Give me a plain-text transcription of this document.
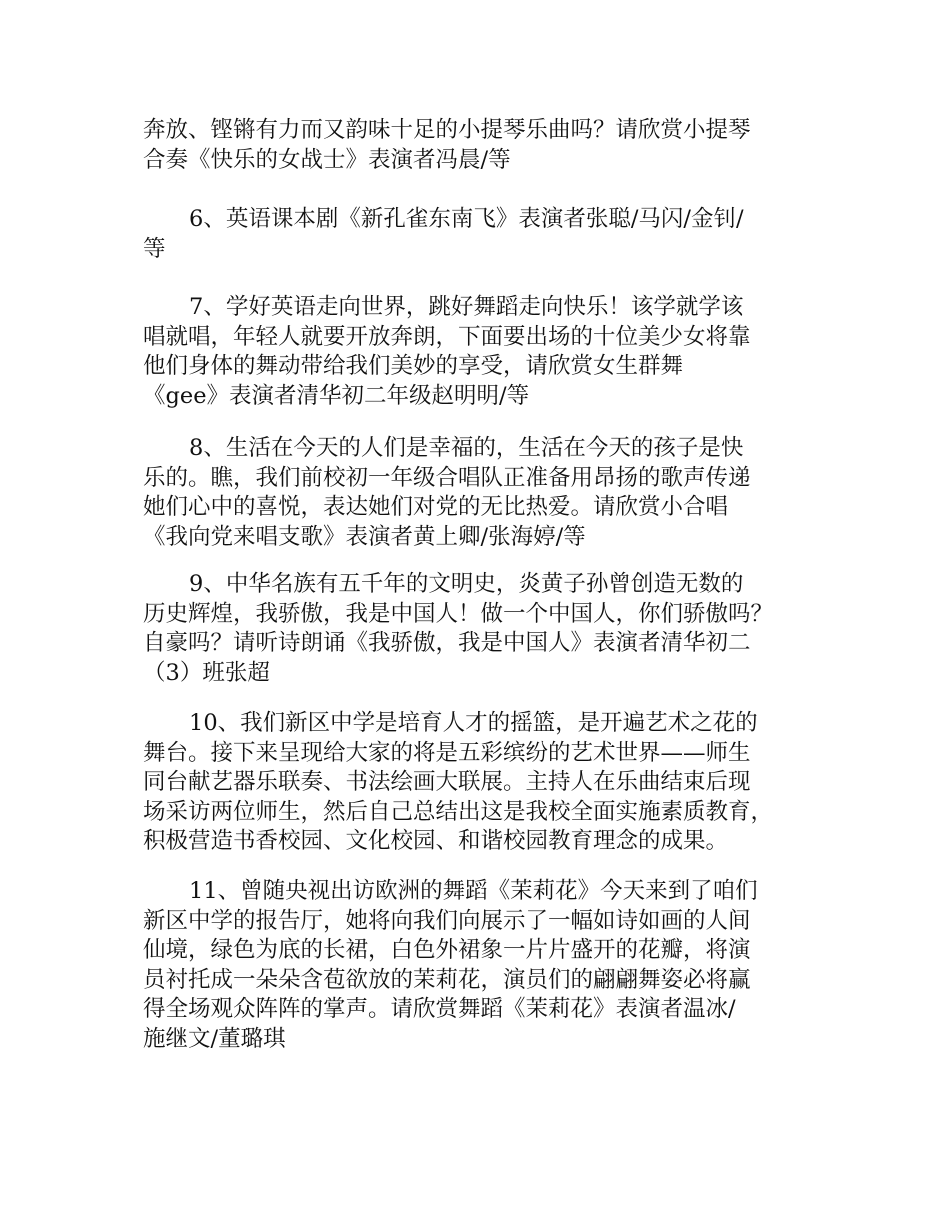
奔放、铿锵有力而又韵味十足的小提琴乐曲吗？请欣赏小提琴
合奏《快乐的女战士》表演者冯晨/等
6、英语课本剧《新孔雀东南飞》表演者张聪/马闪/金钊/
等
7、学好英语走向世界，跳好舞蹈走向快乐！该学就学该
唱就唱，年轻人就要开放奔朗，下面要出场的十位美少女将靠
他们身体的舞动带给我们美妙的享受，请欣赏女生群舞
《gee》表演者清华初二年级赵明明/等
8、生活在今天的人们是幸福的，生活在今天的孩子是快
乐的。瞧，我们前校初一年级合唱队正准备用昂扬的歌声传递
她们心中的喜悦，表达她们对党的无比热爱。请欣赏小合唱
《我向党来唱支歌》表演者黄上卿/张海婷/等
9、中华名族有五千年的文明史，炎黄子孙曾创造无数的
历史辉煌，我骄傲，我是中国人！做一个中国人，你们骄傲吗？
自豪吗？请听诗朗诵《我骄傲，我是中国人》表演者清华初二
（3）班张超
10、我们新区中学是培育人才的摇篮，是开遍艺术之花的
舞台。接下来呈现给大家的将是五彩缤纷的艺术世界——师生
同台献艺器乐联奏、书法绘画大联展。主持人在乐曲结束后现
场采访两位师生，然后自己总结出这是我校全面实施素质教育，
积极营造书香校园、文化校园、和谐校园教育理念的成果。
11、曾随央视出访欧洲的舞蹈《茉莉花》今天来到了咱们
新区中学的报告厅，她将向我们向展示了一幅如诗如画的人间
仙境，绿色为底的长裙，白色外裙象一片片盛开的花瓣，将演
员衬托成一朵朵含苞欲放的茉莉花，演员们的翩翩舞姿必将赢
得全场观众阵阵的掌声。请欣赏舞蹈《茉莉花》表演者温冰/
施继文/董璐琪
